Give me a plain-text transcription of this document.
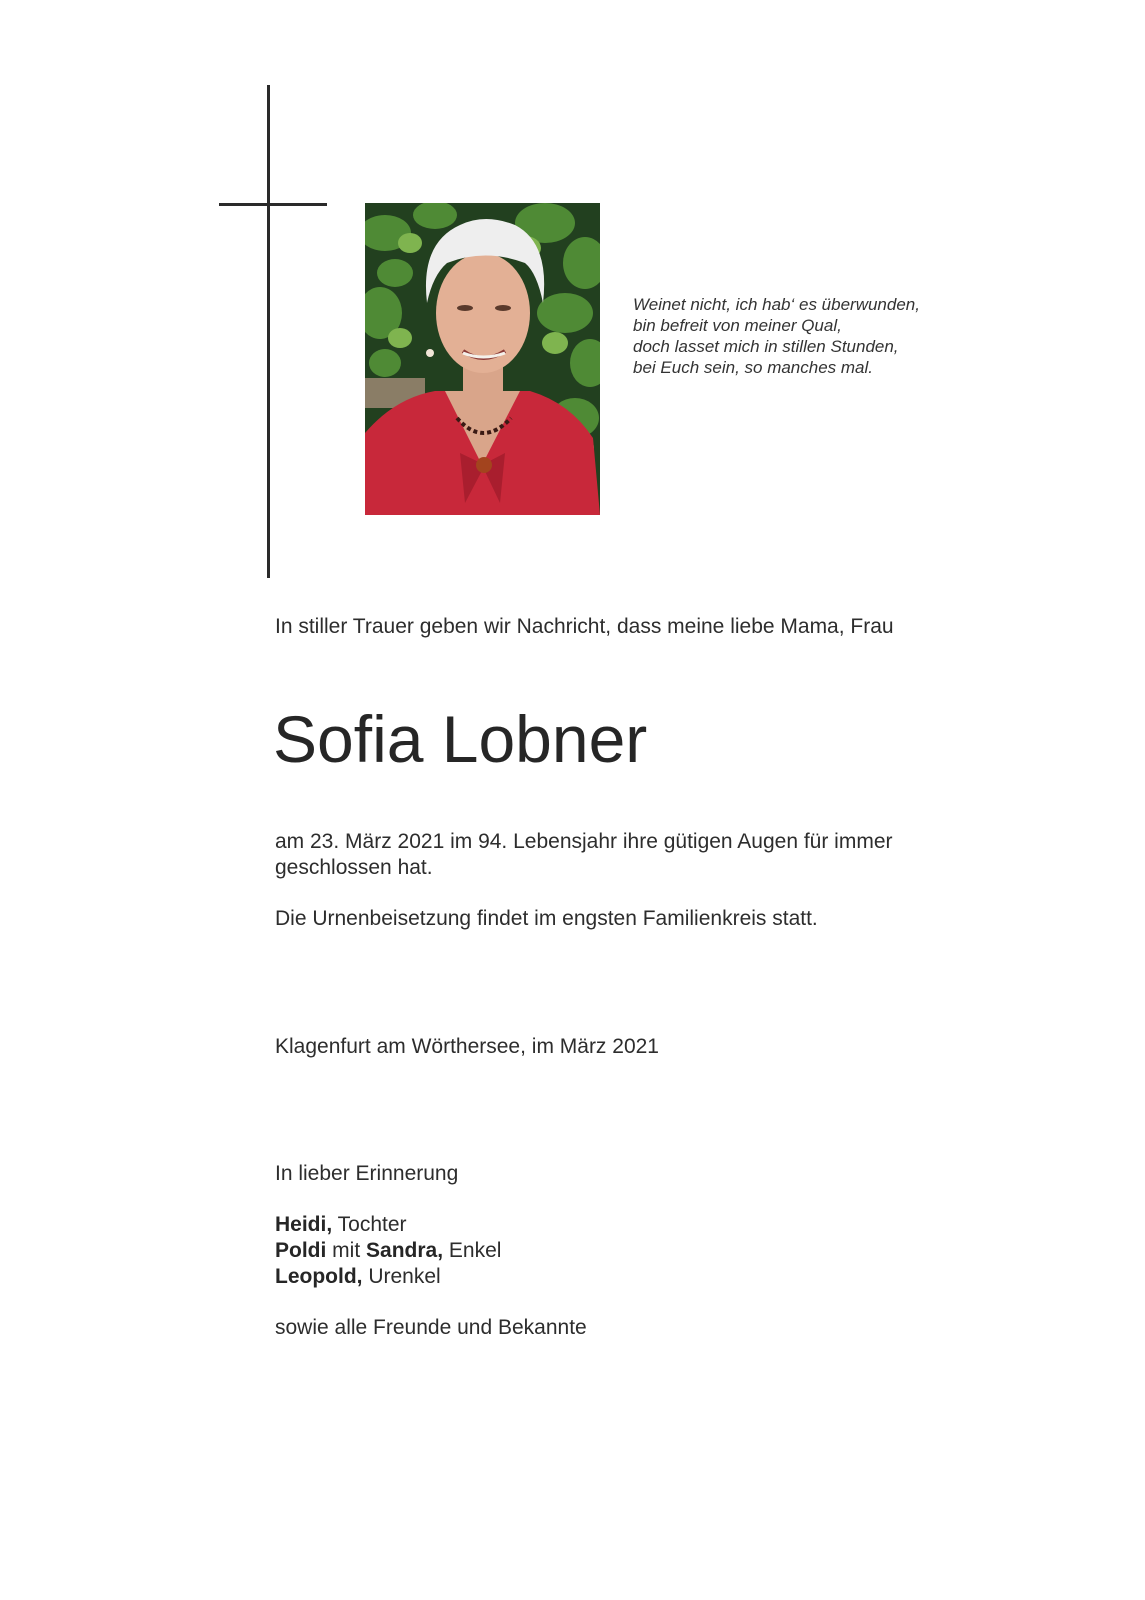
Weinet nicht, ich hab‘ es überwunden,
bin befreit von meiner Qual,
doch lasset mich in stillen Stunden,
bei Euch sein, so manches mal.
In stiller Trauer geben wir Nachricht, dass meine liebe Mama, Frau
Sofia Lobner
am 23. März 2021 im 94. Lebensjahr ihre gütigen Augen für immer
geschlossen hat.
Die Urnenbeisetzung findet im engsten Familienkreis statt.
Klagenfurt am Wörthersee, im März 2021
In lieber Erinnerung
Heidi, Tochter
Poldi mit Sandra, Enkel
Leopold, Urenkel
sowie alle Freunde und Bekannte
